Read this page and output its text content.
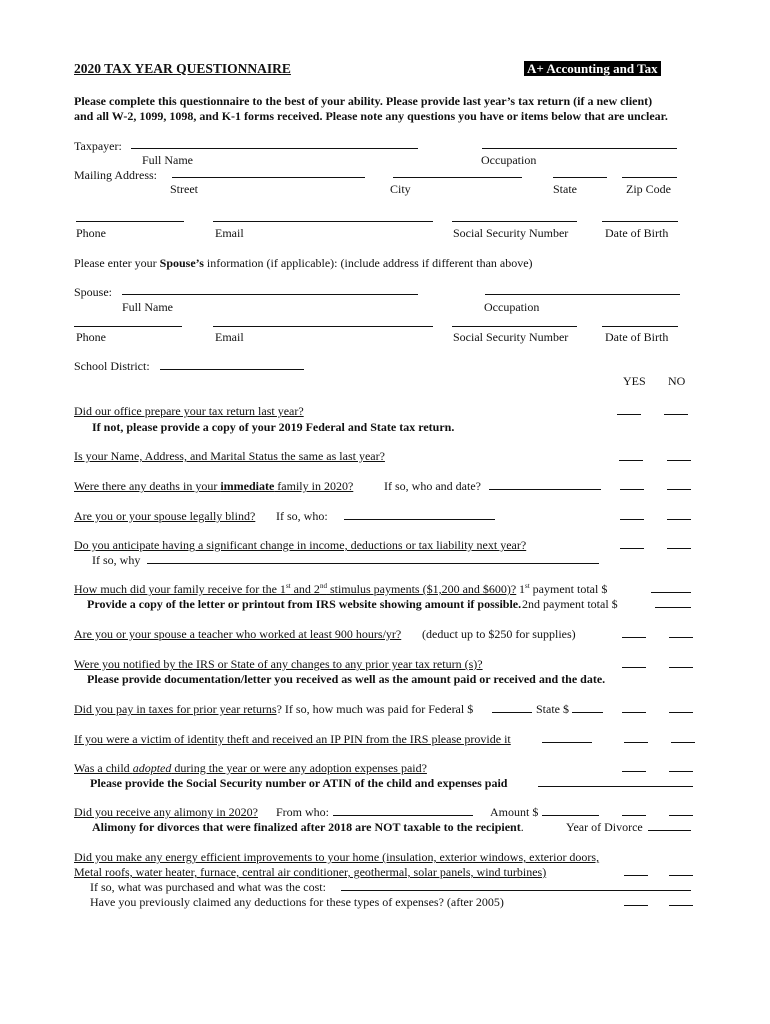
2020 TAX YEAR QUESTIONNAIRE	A+ Accounting and Tax
Please complete this questionnaire to the best of your ability. Please provide last year’s tax return (if a new client)
and all W-2, 1099, 1098, and K-1 forms received. Please note any questions you have or items below that are unclear.
Taxpayer:
Full Name	Occupation
Mailing Address:
Street	City	State	Zip Code
Phone	Email	Social Security Number	Date of Birth
Please enter your Spouse’s information (if applicable): (include address if different than above)
Spouse:
Full Name	Occupation
Phone	Email	Social Security Number	Date of Birth
School District:
YES NO
Did our office prepare your tax return last year?
If not, please provide a copy of your 2019 Federal and State tax return.
Is your Name, Address, and Marital Status the same as last year?
Were there any deaths in your immediate family in 2020?	If so, who and date?
Are you or your spouse legally blind? If so, who:
Do you anticipate having a significant change in income, deductions or tax liability next year?
If so, why
How much did your family receive for the 1st and 2nd stimulus payments ($1,200 and $600)? 1st payment total $
Provide a copy of the letter or printout from IRS website showing amount if possible. 2nd payment total $
Are you or your spouse a teacher who worked at least 900 hours/yr? (deduct up to $250 for supplies)
Were you notified by the IRS or State of any changes to any prior year tax return (s)?
Please provide documentation/letter you received as well as the amount paid or received and the date.
Did you pay in taxes for prior year returns? If so, how much was paid for Federal $	State $
If you were a victim of identity theft and received an IP PIN from the IRS please provide it
Was a child adopted during the year or were any adoption expenses paid?
Please provide the Social Security number or ATIN of the child and expenses paid
Did you receive any alimony in 2020? From who:	Amount $
Alimony for divorces that were finalized after 2018 are NOT taxable to the recipient.	Year of Divorce
Did you make any energy efficient improvements to your home (insulation, exterior windows, exterior doors,
Metal roofs, water heater, furnace, central air conditioner, geothermal, solar panels, wind turbines)
If so, what was purchased and what was the cost:
Have you previously claimed any deductions for these types of expenses? (after 2005)
